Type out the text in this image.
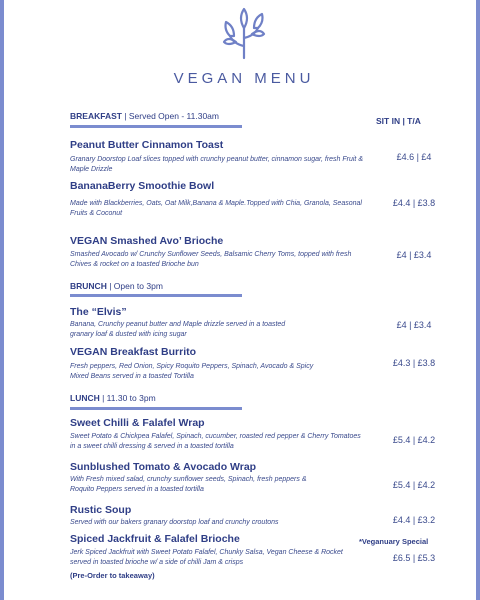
VEGAN MENU
SIT IN | T/A
BREAKFAST | Served Open - 11.30am
Peanut Butter Cinnamon Toast
Granary Doorstop Loaf slices topped with crunchy peanut butter, cinnamon sugar, fresh Fruit & Maple Drizzle
£4.6 | £4
BananaBerry Smoothie Bowl
Made with Blackberries, Oats, Oat Milk,Banana & Maple.Topped with Chia, Granola, Seasonal Fruits & Coconut
£4.4 | £3.8
VEGAN Smashed Avo’ Brioche
Smashed Avocado w/ Crunchy Sunflower Seeds, Balsamic Cherry Toms, topped with fresh Chives & rocket on a toasted Brioche bun
£4 | £3.4
BRUNCH | Open to 3pm
The “Elvis”
Banana, Crunchy peanut butter and Maple drizzle served in a toasted granary loaf & dusted with icing sugar
£4 | £3.4
VEGAN Breakfast Burrito
Fresh peppers, Red Onion, Spicy Roquito Peppers, Spinach, Avocado & Spicy Mixed Beans served in a toasted Tortilla
£4.3 | £3.8
LUNCH | 11.30 to 3pm
Sweet Chilli & Falafel Wrap
Sweet Potato & Chickpea Falafel, Spinach, cucumber, roasted red pepper & Cherry Tomatoes in a sweet chilli dressing & served in a toasted tortilla
£5.4 | £4.2
Sunblushed Tomato & Avocado Wrap
With Fresh mixed salad, crunchy sunflower seeds, Spinach, fresh peppers & Roquito Peppers served in a toasted tortilla	£5.4 | £4.2
Rustic Soup
Served with our bakers granary doorstop loaf and crunchy croutons	£4.4 | £3.2
*Veganuary Special
Spiced Jackfruit & Falafel Brioche
Jerk Spiced Jackfruit with Sweet Potato Falafel, Chunky Salsa, Vegan Cheese & Rocket served in toasted brioche w/ a side of chilli Jam & crisps	£6.5 | £5.3
(Pre-Order to takeaway)
